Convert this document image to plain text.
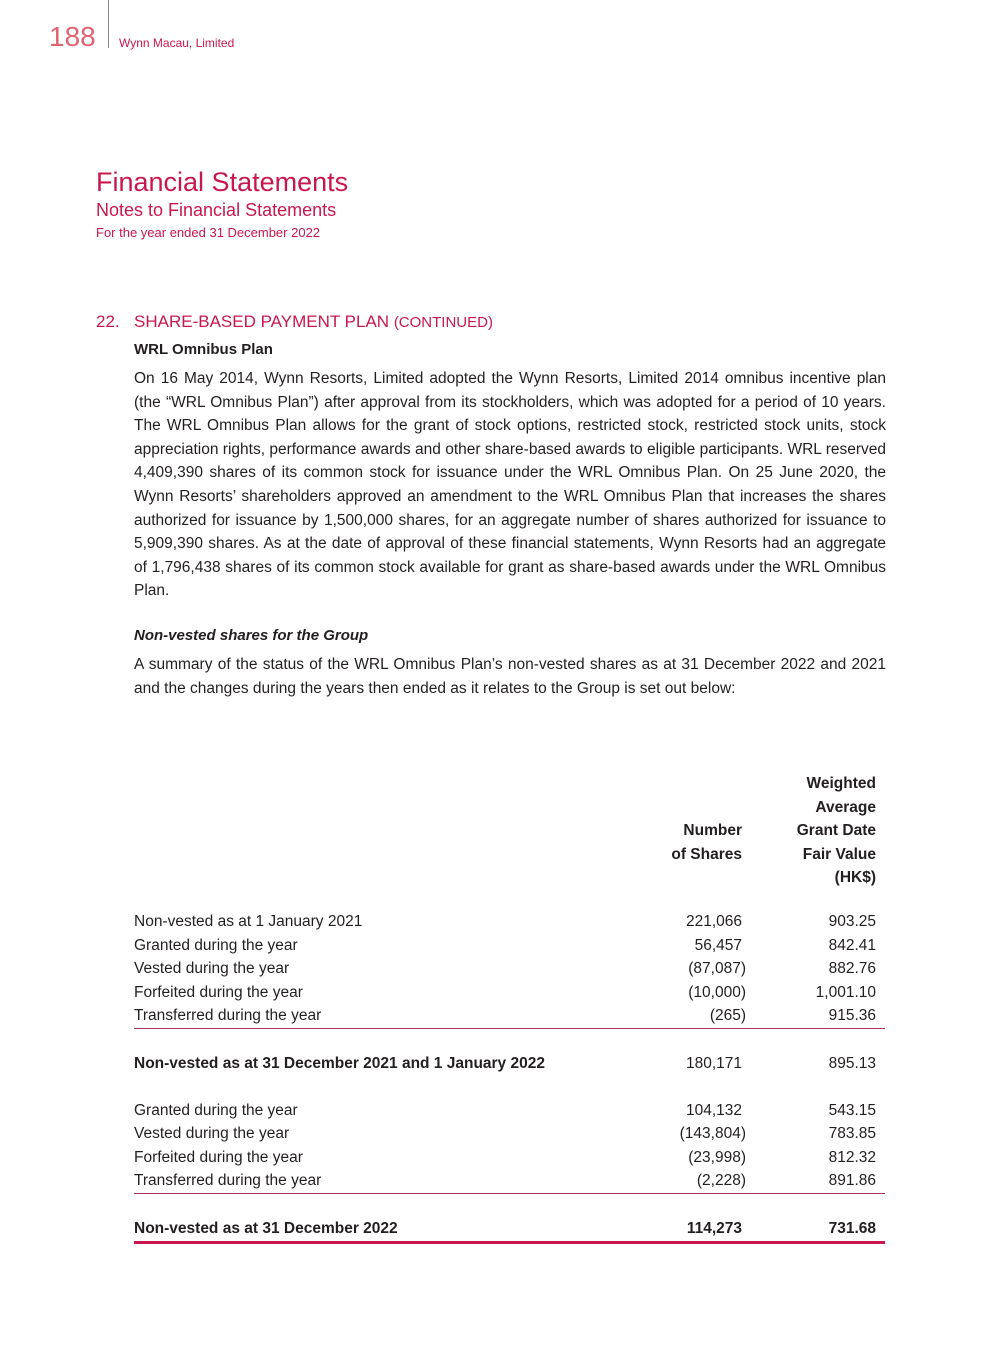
188 Wynn Macau, Limited
Financial Statements
Notes to Financial Statements
For the year ended 31 December 2022
22. SHARE-BASED PAYMENT PLAN (CONTINUED)
WRL Omnibus Plan

On 16 May 2014, Wynn Resorts, Limited adopted the Wynn Resorts, Limited 2014 omnibus incentive plan (the “WRL Omnibus Plan”) after approval from its stockholders, which was adopted for a period of 10 years. The WRL Omnibus Plan allows for the grant of stock options, restricted stock, restricted stock units, stock appreciation rights, performance awards and other share-based awards to eligible participants. WRL reserved 4,409,390 shares of its common stock for issuance under the WRL Omnibus Plan. On 25 June 2020, the Wynn Resorts’ shareholders approved an amendment to the WRL Omnibus Plan that increases the shares authorized for issuance by 1,500,000 shares, for an aggregate number of shares authorized for issuance to 5,909,390 shares. As at the date of approval of these financial statements, Wynn Resorts had an aggregate of 1,796,438 shares of its common stock available for grant as share-based awards under the WRL Omnibus Plan.

Non-vested shares for the Group

A summary of the status of the WRL Omnibus Plan’s non-vested shares as at 31 December 2022 and 2021 and the changes during the years then ended as it relates to the Group is set out below:

Number
of Shares
Weighted
Average
Grant Date
Fair Value
(HK$)
Non-vested as at 1 January 2021	221,066	903.25
Granted during the year	56,457	842.41
Vested during the year	(87,087)	882.76
Forfeited during the year	(10,000)	1,001.10
Transferred during the year	(265)	915.36
Non-vested as at 31 December 2021 and 1 January 2022	180,171	895.13
Granted during the year	104,132	543.15
Vested during the year	(143,804)	783.85
Forfeited during the year	(23,998)	812.32
Transferred during the year	(2,228)	891.86
Non-vested as at 31 December 2022	114,273	731.68
